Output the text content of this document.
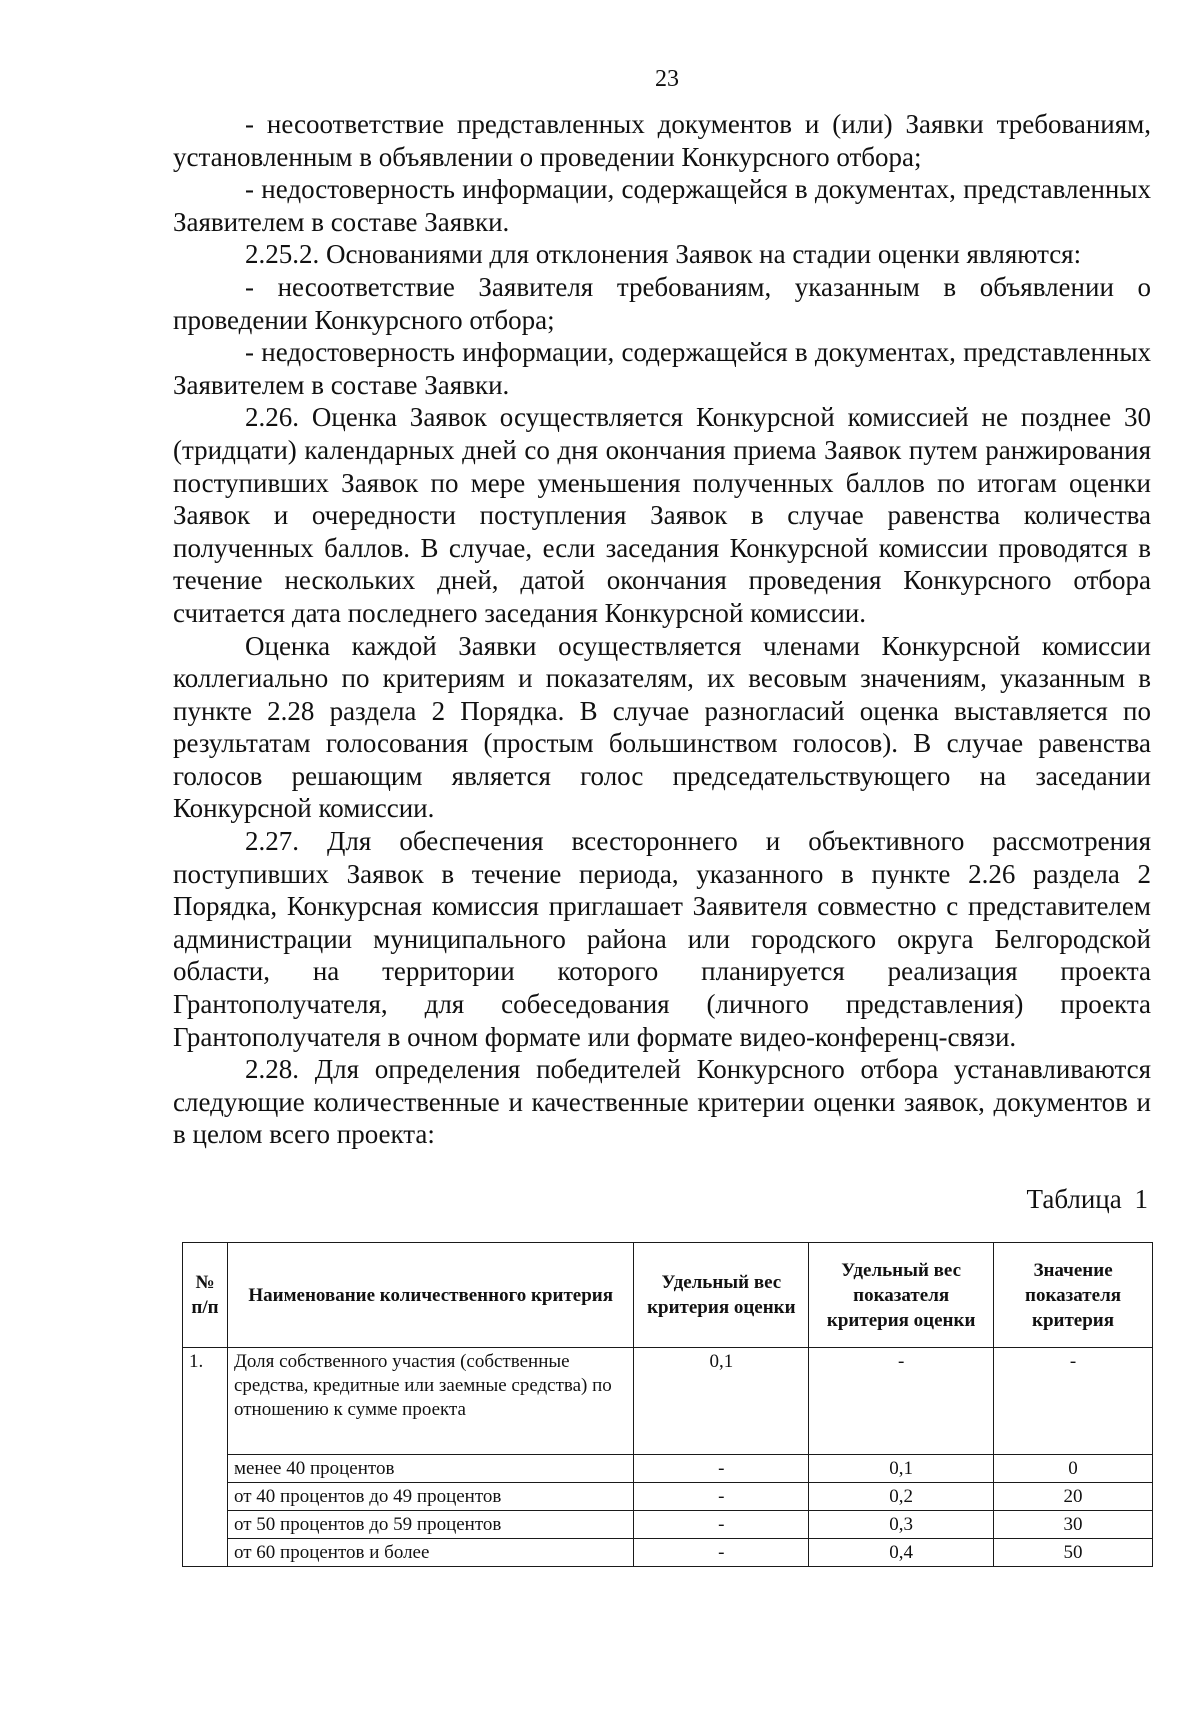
23

- несоответствие представленных документов и (или) Заявки требованиям, установленным в объявлении о проведении Конкурсного отбора;

- недостоверность информации, содержащейся в документах, представленных Заявителем в составе Заявки.

2.25.2. Основаниями для отклонения Заявок на стадии оценки являются:

- несоответствие Заявителя требованиям, указанным в объявлении о проведении Конкурсного отбора;

- недостоверность информации, содержащейся в документах, представленных Заявителем в составе Заявки.

2.26. Оценка Заявок осуществляется Конкурсной комиссией не позднее 30 (тридцати) календарных дней со дня окончания приема Заявок путем ранжирования поступивших Заявок по мере уменьшения полученных баллов по итогам оценки Заявок и очередности поступления Заявок в случае равенства количества полученных баллов. В случае, если заседания Конкурсной комиссии проводятся в течение нескольких дней, датой окончания проведения Конкурсного отбора считается дата последнего заседания Конкурсной комиссии.

Оценка каждой Заявки осуществляется членами Конкурсной комиссии коллегиально по критериям и показателям, их весовым значениям, указанным в пункте 2.28 раздела 2 Порядка. В случае разногласий оценка выставляется по результатам голосования (простым большинством голосов). В случае равенства голосов решающим является голос председательствующего на заседании Конкурсной комиссии.

2.27. Для обеспечения всестороннего и объективного рассмотрения поступивших Заявок в течение периода, указанного в пункте 2.26 раздела 2 Порядка, Конкурсная комиссия приглашает Заявителя совместно с представителем администрации муниципального района или городского округа Белгородской области, на территории которого планируется реализация проекта Грантополучателя, для собеседования (личного представления) проекта Грантополучателя в очном формате или формате видео-конференц-связи.

2.28. Для определения победителей Конкурсного отбора устанавливаются следующие количественные и качественные критерии оценки заявок, документов и в целом всего проекта:

Таблица 1
№ п/п	Наименование количественного критерия	Удельный вес критерия оценки	Удельный вес показателя критерия оценки	Значение показателя критерия
1.	Доля собственного участия (собственные средства, кредитные или заемные средства) по отношению к сумме проекта	0,1	-	-
	менее 40 процентов	-	0,1	0
	от 40 процентов до 49 процентов	-	0,2	20
	от 50 процентов до 59 процентов	-	0,3	30
	от 60 процентов и более	-	0,4	50
